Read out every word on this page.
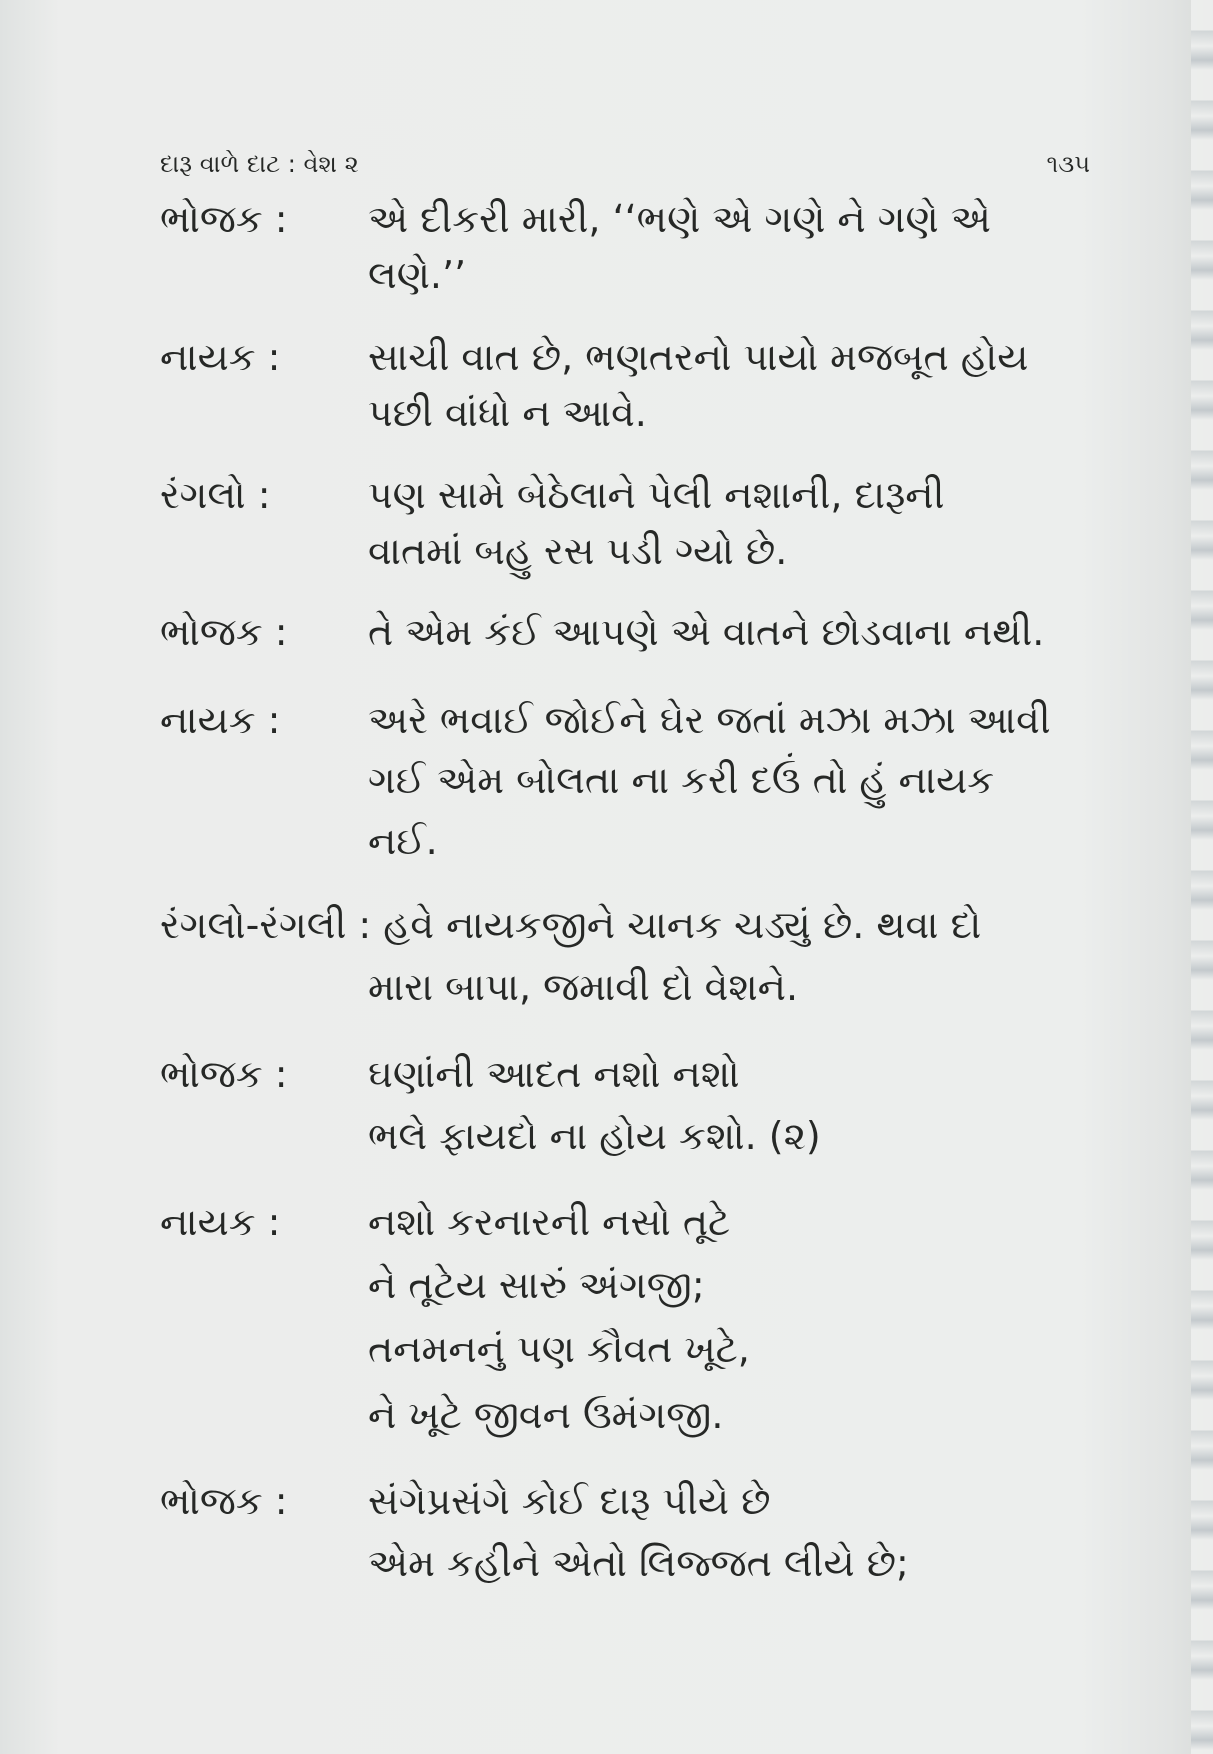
દારૂ વાળે દાટ : વેશ ૨	૧૩૫
ભોજક : એ દીકરી મારી, ‘‘ભણે એ ગણે ને ગણે એ
લણે.’’
નાયક : સાચી વાત છે, ભણતરનો પાયો મજબૂત હોય
પછી વાંધો ન આવે.
રંગલો :	પણ સામે બેઠેલાને પેલી નશાની, દારૂની
વાતમાં બહુ રસ પડી ગ્યો છે.
ભોજક : તે એમ કંઈ આપણે એ વાતને છોડવાના નથી.
નાયક : અરે ભવાઈ જોઈને ઘેર જતાં મઝા મઝા આવી
ગઈ એમ બોલતા ના કરી દઉં તો હું નાયક
નઈ.
રંગલો-રંગલી : હવે નાયકજીને ચાનક ચડ્યું છે. થવા દો
મારા બાપા, જમાવી દો વેશને.
ભોજક : ઘણાંની આદત નશો નશો
ભલે ફાયદો ના હોય કશો. (૨)
નાયક : નશો કરનારની નસો તૂટે
ને તૂટેય સારું અંગજી;
તનમનનું પણ કૌવત ખૂટે,
ને ખૂટે જીવન ઉમંગજી.
ભોજક : સંગેપ્રસંગે કોઈ દારૂ પીયે છે
એમ કહીને એતો લિજ્જત લીયે છે;
